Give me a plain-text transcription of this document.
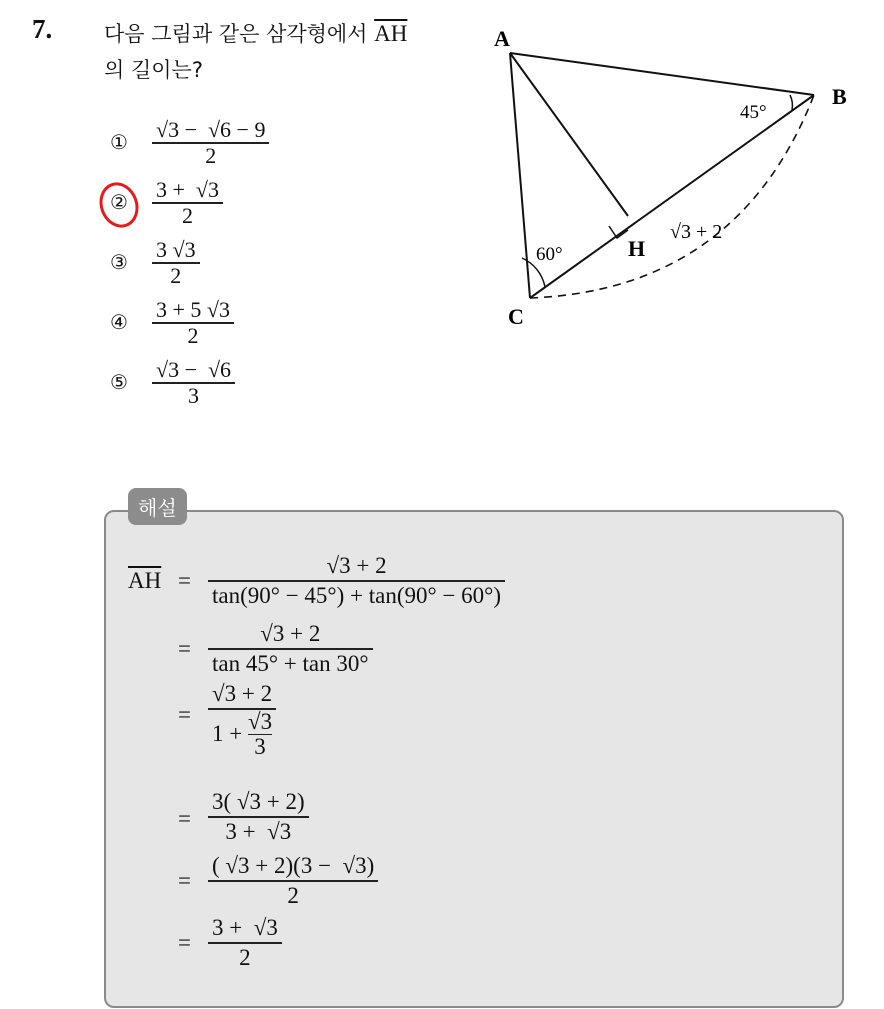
7. 다음 그림과 같은 삼각형에서 $\overline{AH}$
의 길이는?
① √3 −  √6 − 9
2
② 3 +  √3
2
③ 3 √3
2
④ 3 + 5 √3
2
⑤ √3 −  √6
3
A
B
C
H
45°
60°
√3 + 2
해설
$\overline{AH}$ =
√3 + 2
tan(90° − 45°) + tan(90° − 60°)
=
√3 + 2
tan 45° + tan 30°
=
√3 + 2
1 +
√3
3
=
3( √3 + 2)
3 +  √3
=
( √3 + 2)(3 −  √3)
2
=
3 +  √3
2
